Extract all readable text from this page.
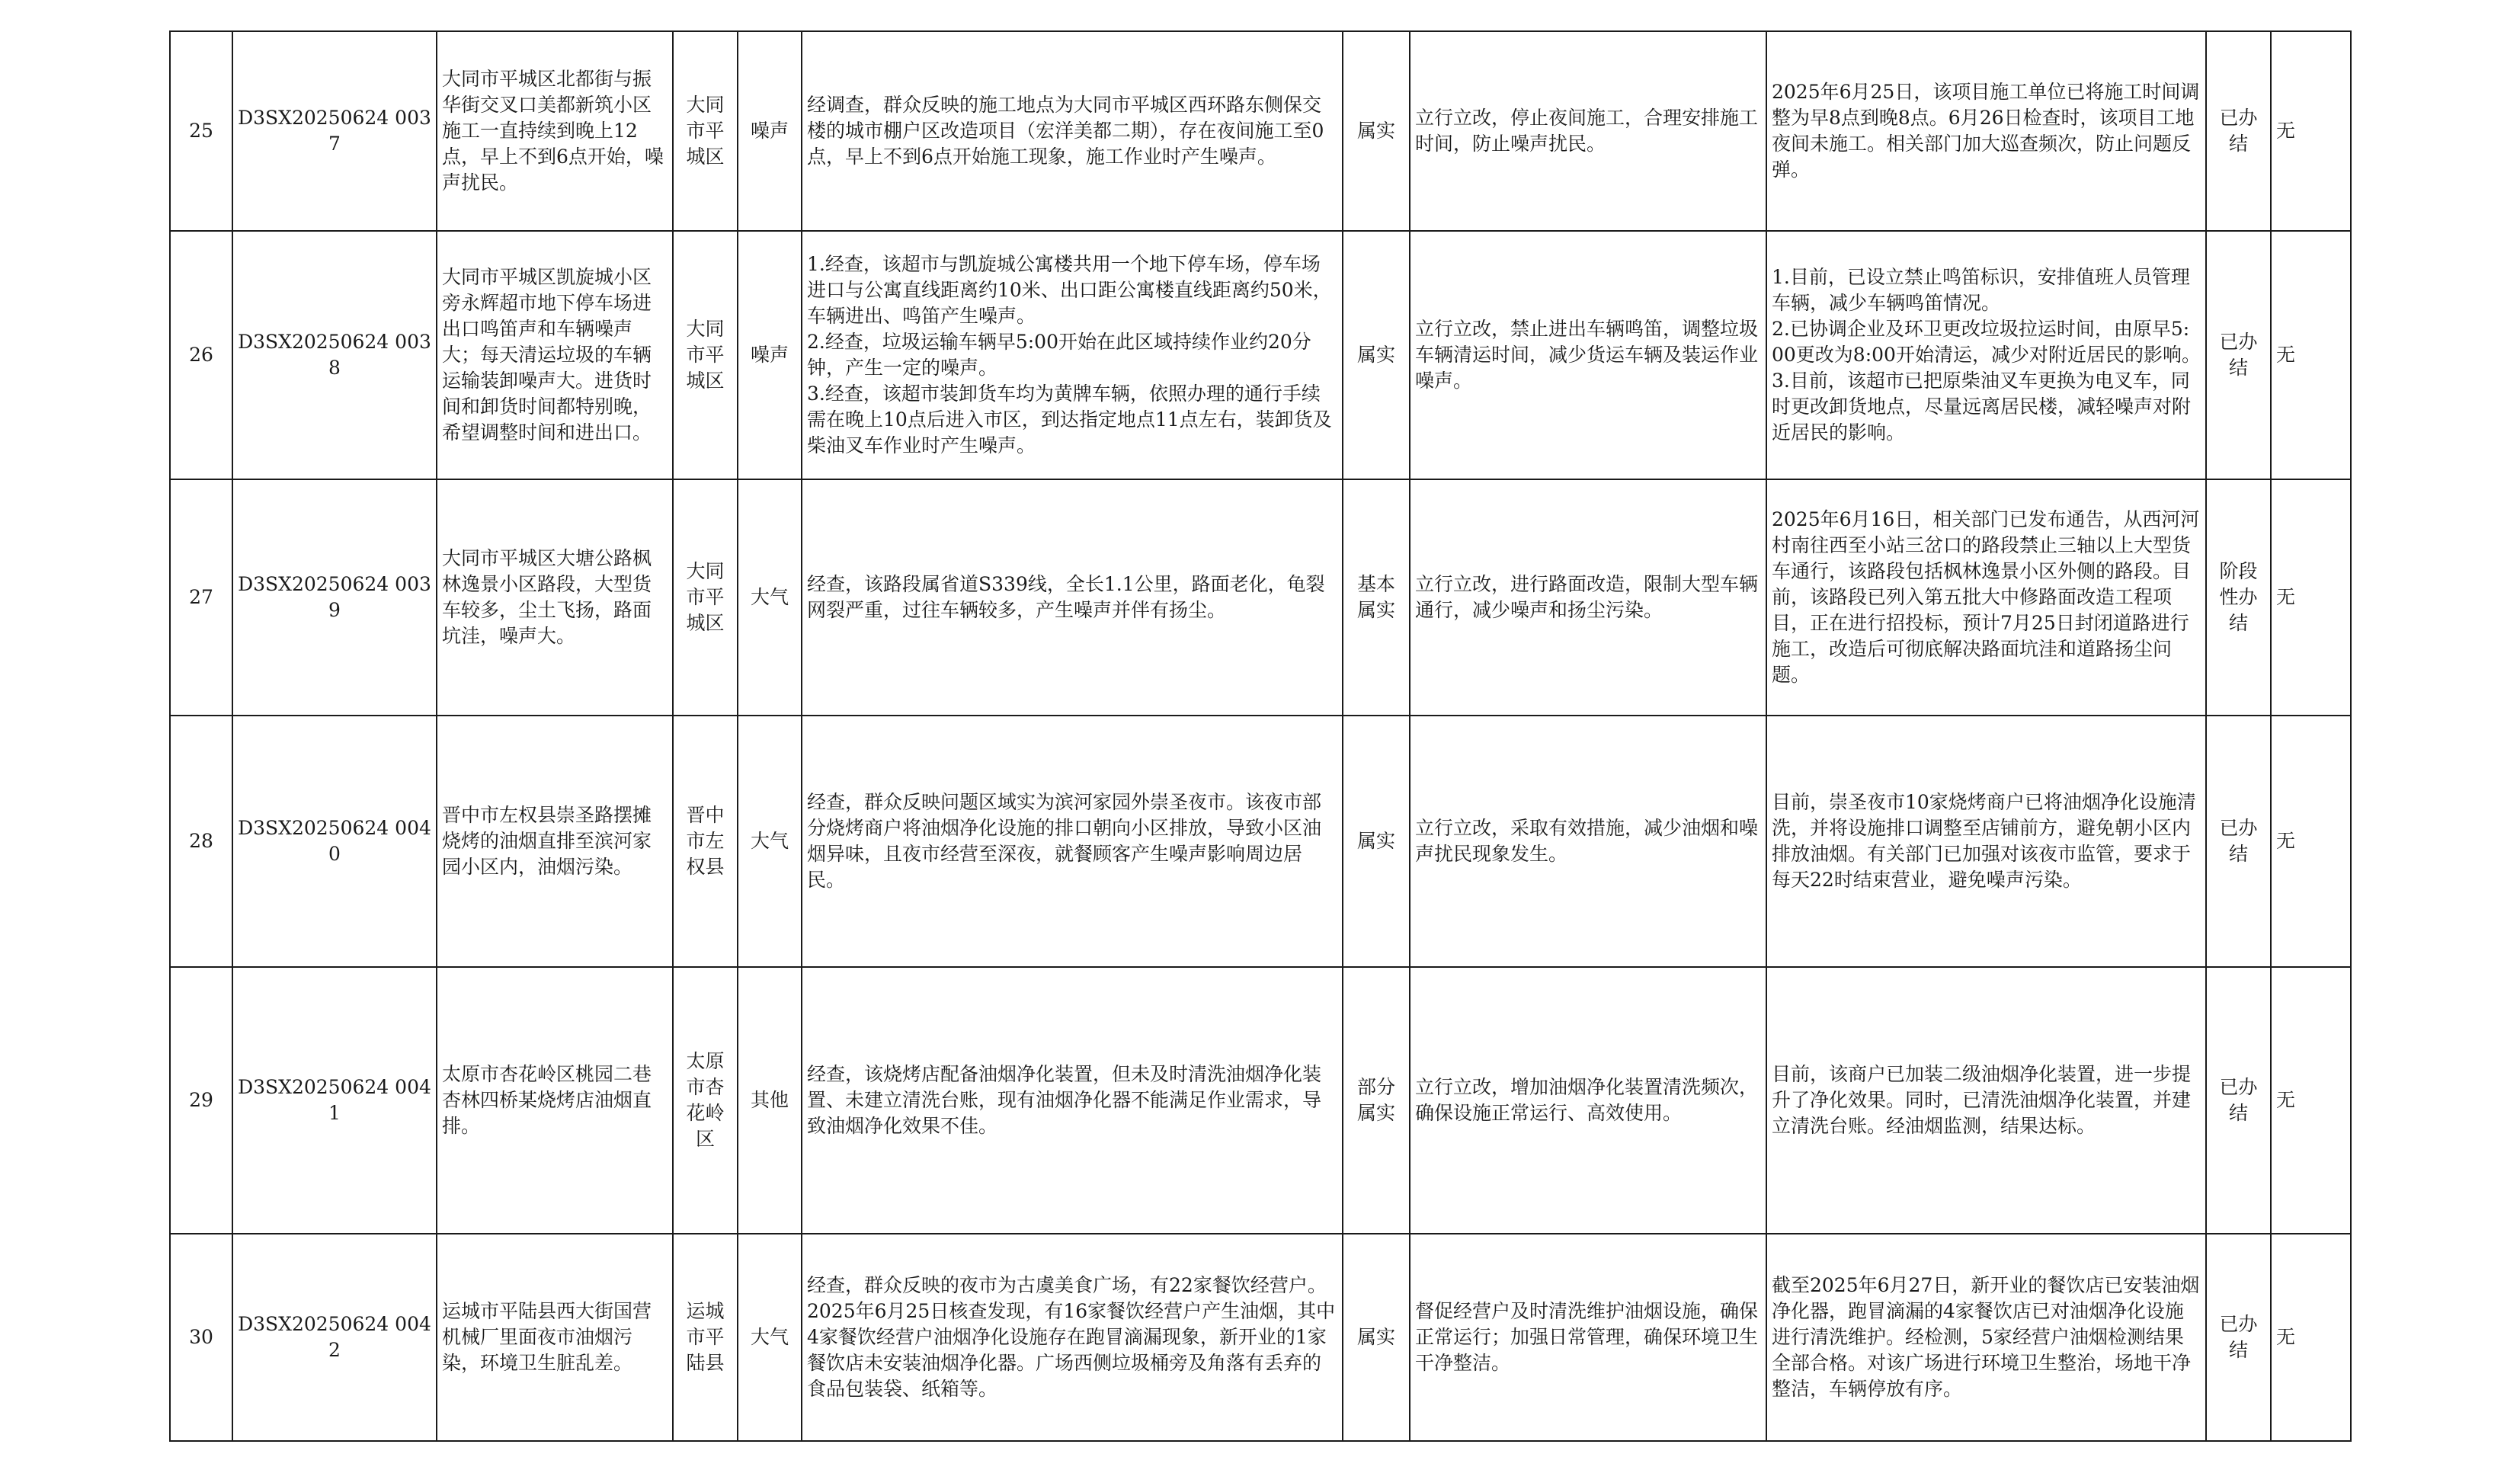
25	D3SX20250624 0037	大同市平城区北都街与振华街交叉口美都新筑小区施工一直持续到晚上12点，早上不到6点开始，噪声扰民。	大同市平城区	噪声	经调查，群众反映的施工地点为大同市平城区西环路东侧保交楼的城市棚户区改造项目（宏洋美都二期），存在夜间施工至0点，早上不到6点开始施工现象，施工作业时产生噪声。	属实	立行立改，停止夜间施工，合理安排施工时间，防止噪声扰民。	2025年6月25日，该项目施工单位已将施工时间调整为早8点到晚8点。6月26日检查时，该项目工地夜间未施工。相关部门加大巡查频次，防止问题反弹。	已办结	无
26	D3SX20250624 0038	大同市平城区凯旋城小区旁永辉超市地下停车场进出口鸣笛声和车辆噪声大；每天清运垃圾的车辆运输装卸噪声大。进货时间和卸货时间都特别晚，希望调整时间和进出口。	大同市平城区	噪声	1.经查，该超市与凯旋城公寓楼共用一个地下停车场，停车场进口与公寓直线距离约10米、出口距公寓楼直线距离约50米，车辆进出、鸣笛产生噪声。
2.经查，垃圾运输车辆早5:00开始在此区域持续作业约20分钟，产生一定的噪声。
3.经查，该超市装卸货车均为黄牌车辆，依照办理的通行手续需在晚上10点后进入市区，到达指定地点11点左右，装卸货及柴油叉车作业时产生噪声。	属实	立行立改，禁止进出车辆鸣笛，调整垃圾车辆清运时间，减少货运车辆及装运作业噪声。	1.目前，已设立禁止鸣笛标识，安排值班人员管理车辆，减少车辆鸣笛情况。
2.已协调企业及环卫更改垃圾拉运时间，由原早5:00更改为8:00开始清运，减少对附近居民的影响。
3.目前，该超市已把原柴油叉车更换为电叉车，同时更改卸货地点，尽量远离居民楼，减轻噪声对附近居民的影响。	已办结	无
27	D3SX20250624 0039	大同市平城区大塘公路枫林逸景小区路段，大型货车较多，尘土飞扬，路面坑洼，噪声大。	大同市平城区	大气	经查，该路段属省道S339线，全长1.1公里，路面老化，龟裂网裂严重，过往车辆较多，产生噪声并伴有扬尘。	基本属实	立行立改，进行路面改造，限制大型车辆通行，减少噪声和扬尘污染。	2025年6月16日，相关部门已发布通告，从西河河村南往西至小站三岔口的路段禁止三轴以上大型货车通行，该路段包括枫林逸景小区外侧的路段。目前，该路段已列入第五批大中修路面改造工程项目，正在进行招投标，预计7月25日封闭道路进行施工，改造后可彻底解决路面坑洼和道路扬尘问题。	阶段性办结	无
28	D3SX20250624 0040	晋中市左权县崇圣路摆摊烧烤的油烟直排至滨河家园小区内，油烟污染。	晋中市左权县	大气	经查，群众反映问题区域实为滨河家园外崇圣夜市。该夜市部分烧烤商户将油烟净化设施的排口朝向小区排放，导致小区油烟异味，且夜市经营至深夜，就餐顾客产生噪声影响周边居民。	属实	立行立改，采取有效措施，减少油烟和噪声扰民现象发生。	目前，崇圣夜市10家烧烤商户已将油烟净化设施清洗，并将设施排口调整至店铺前方，避免朝小区内排放油烟。有关部门已加强对该夜市监管，要求于每天22时结束营业，避免噪声污染。	已办结	无
29	D3SX20250624 0041	太原市杏花岭区桃园二巷杏林四桥某烧烤店油烟直排。	太原市杏花岭区	其他	经查，该烧烤店配备油烟净化装置，但未及时清洗油烟净化装置、未建立清洗台账，现有油烟净化器不能满足作业需求，导致油烟净化效果不佳。	部分属实	立行立改，增加油烟净化装置清洗频次，确保设施正常运行、高效使用。	目前，该商户已加装二级油烟净化装置，进一步提升了净化效果。同时，已清洗油烟净化装置，并建立清洗台账。经油烟监测，结果达标。	已办结	无
30	D3SX20250624 0042	运城市平陆县西大街国营机械厂里面夜市油烟污染，环境卫生脏乱差。	运城市平陆县	大气	经查，群众反映的夜市为古虞美食广场，有22家餐饮经营户。2025年6月25日核查发现，有16家餐饮经营户产生油烟，其中4家餐饮经营户油烟净化设施存在跑冒滴漏现象，新开业的1家餐饮店未安装油烟净化器。广场西侧垃圾桶旁及角落有丢弃的食品包装袋、纸箱等。	属实	督促经营户及时清洗维护油烟设施，确保正常运行；加强日常管理，确保环境卫生干净整洁。	截至2025年6月27日，新开业的餐饮店已安装油烟净化器，跑冒滴漏的4家餐饮店已对油烟净化设施进行清洗维护。经检测，5家经营户油烟检测结果全部合格。对该广场进行环境卫生整治，场地干净整洁，车辆停放有序。	已办结	无
